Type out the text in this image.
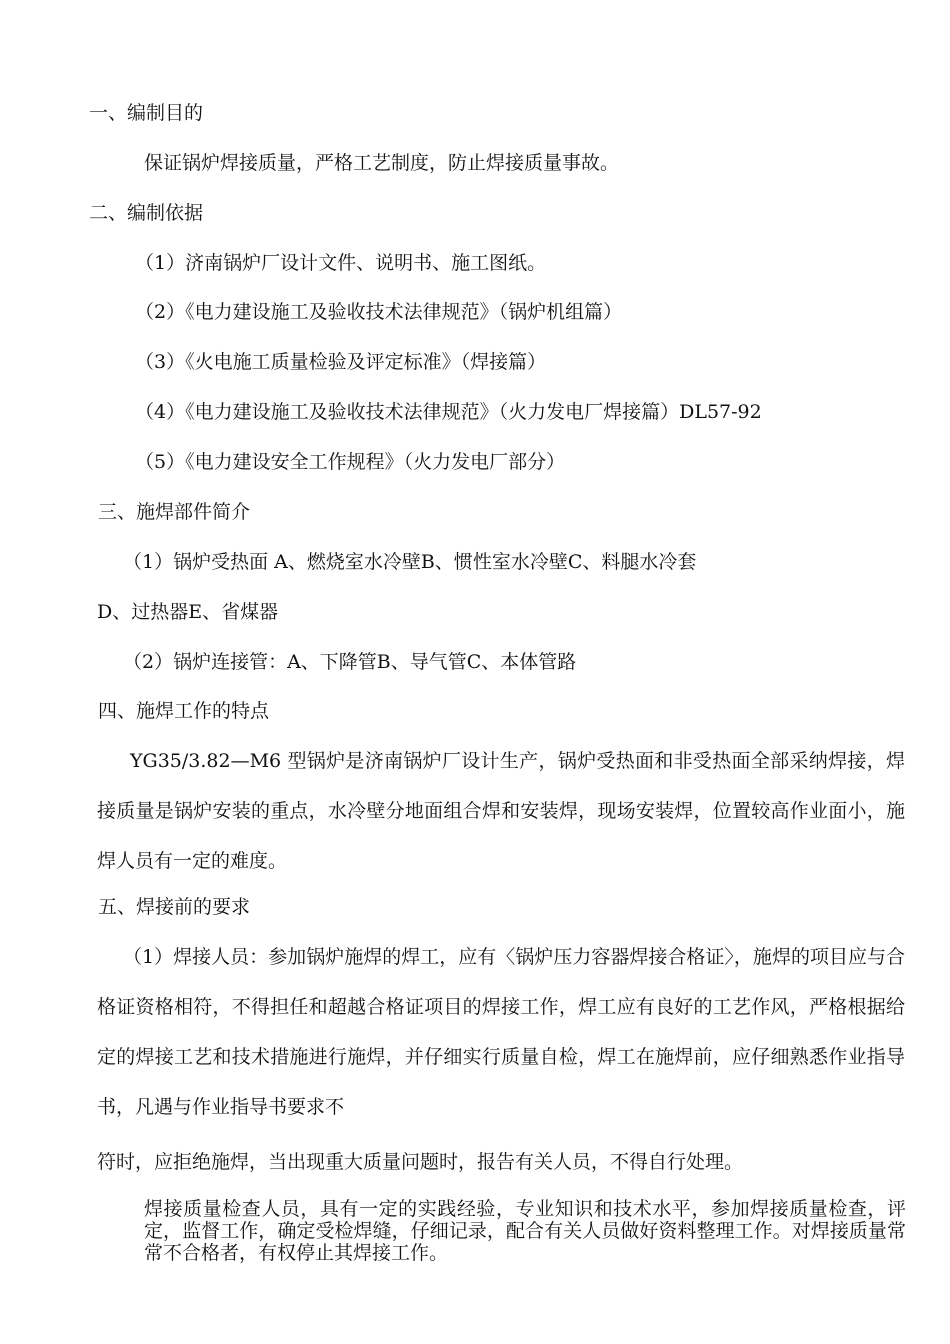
一、编制目的
保证锅炉焊接质量，严格工艺制度，防止焊接质量事故。
二、编制依据
（1）济南锅炉厂设计文件、说明书、施工图纸。
（2）《电力建设施工及验收技术法律规范》（锅炉机组篇）
（3）《火电施工质量检验及评定标准》（焊接篇）
（4）《电力建设施工及验收技术法律规范》（火力发电厂焊接篇）DL57-92
（5）《电力建设安全工作规程》（火力发电厂部分）
三、施焊部件简介
（1）锅炉受热面 A、燃烧室水冷壁B、惯性室水冷壁C、料腿水冷套
D、过热器E、省煤器
（2）锅炉连接管：A、下降管B、导气管C、本体管路
四、施焊工作的特点
YG35/3.82—M6 型锅炉是济南锅炉厂设计生产，锅炉受热面和非受热面全部采纳焊接，焊接质量是锅炉安装的重点，水冷壁分地面组合焊和安装焊，现场安装焊，位置较高作业面小，施焊人员有一定的难度。
五、焊接前的要求
（1）焊接人员：参加锅炉施焊的焊工，应有〈锅炉压力容器焊接合格证〉，施焊的项目应与合格证资格相符，不得担任和超越合格证项目的焊接工作，焊工应有良好的工艺作风，严格根据给定的焊接工艺和技术措施进行施焊，并仔细实行质量自检，焊工在施焊前，应仔细熟悉作业指导书，凡遇与作业指导书要求不
符时，应拒绝施焊，当出现重大质量问题时，报告有关人员，不得自行处理。
焊接质量检查人员，具有一定的实践经验，专业知识和技术水平，参加焊接质量检查，评定，监督工作，确定受检焊缝，仔细记录，配合有关人员做好资料整理工作。对焊接质量常常不合格者，有权停止其焊接工作。
